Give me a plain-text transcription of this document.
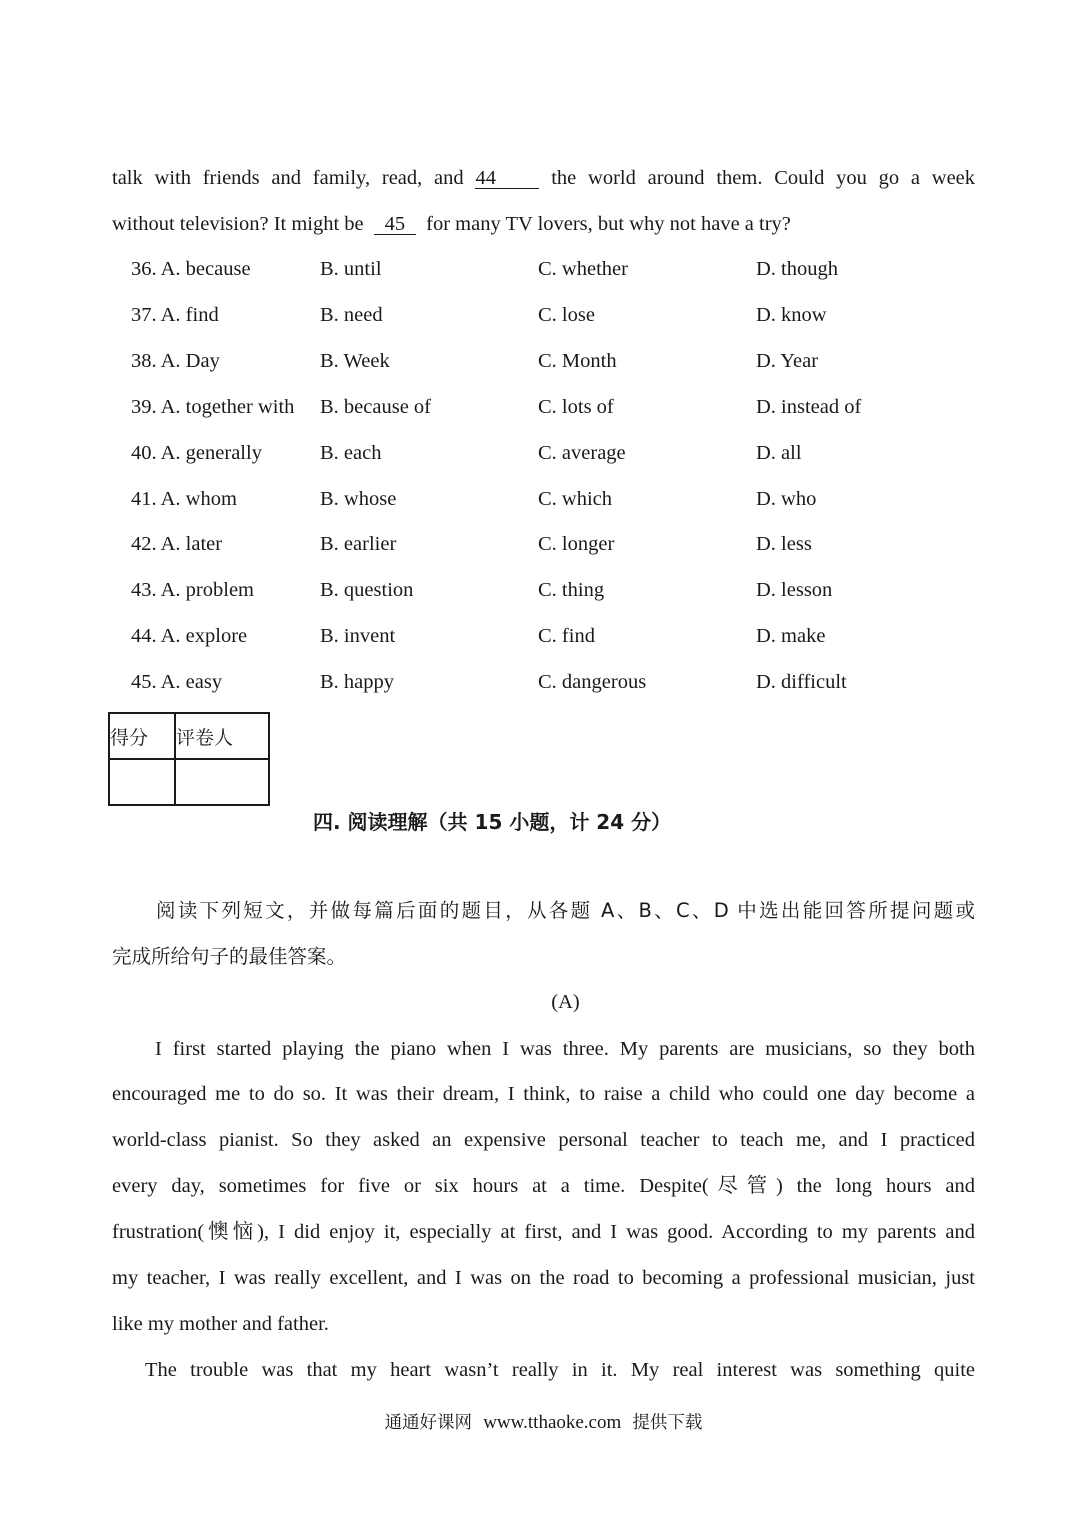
talk with friends and family, read, and 44	the world around them. Could you go a week
without television? It might be 45 for many TV lovers, but why not have a try?
36. A. because	B. until	C. whether	D. though
37. A. find	B. need	C. lose	D. know
38. A. Day	B. Week	C. Month	D. Year
39. A. together with B. because of	C. lots of	D. instead of
40. A. generally	B. each	C. average	D. all
41. A. whom	B. whose	C. which	D. who
42. A. later	B. earlier	C. longer	D. less
43. A. problem	B. question	C. thing	D. lesson
44. A. explore	B. invent	C. find	D. make
45. A. easy	B. happy	C. dangerous	D. difficult
得分	评卷人

四. 阅读理解（共 15 小题，计 24 分）
阅读下列短文，并做每篇后面的题目，从各题 A、B、C、D 中选出能回答所提问题或
完成所给句子的最佳答案。
(A)
I first started playing the piano when I was three. My parents are musicians, so they both
encouraged me to do so. It was their dream, I think, to raise a child who could one day become a
world-class pianist. So they asked an expensive personal teacher to teach me, and I practiced
every day, sometimes for five or six hours at a time. Despite(尽管) the long hours and
frustration(懊恼), I did enjoy it, especially at first, and I was good. According to my parents and
my teacher, I was really excellent, and I was on the road to becoming a professional musician, just
like my mother and father.
The trouble was that my heart wasn’t really in it. My real interest was something quite
通通好课网 www.tthaoke.com 提供下载
